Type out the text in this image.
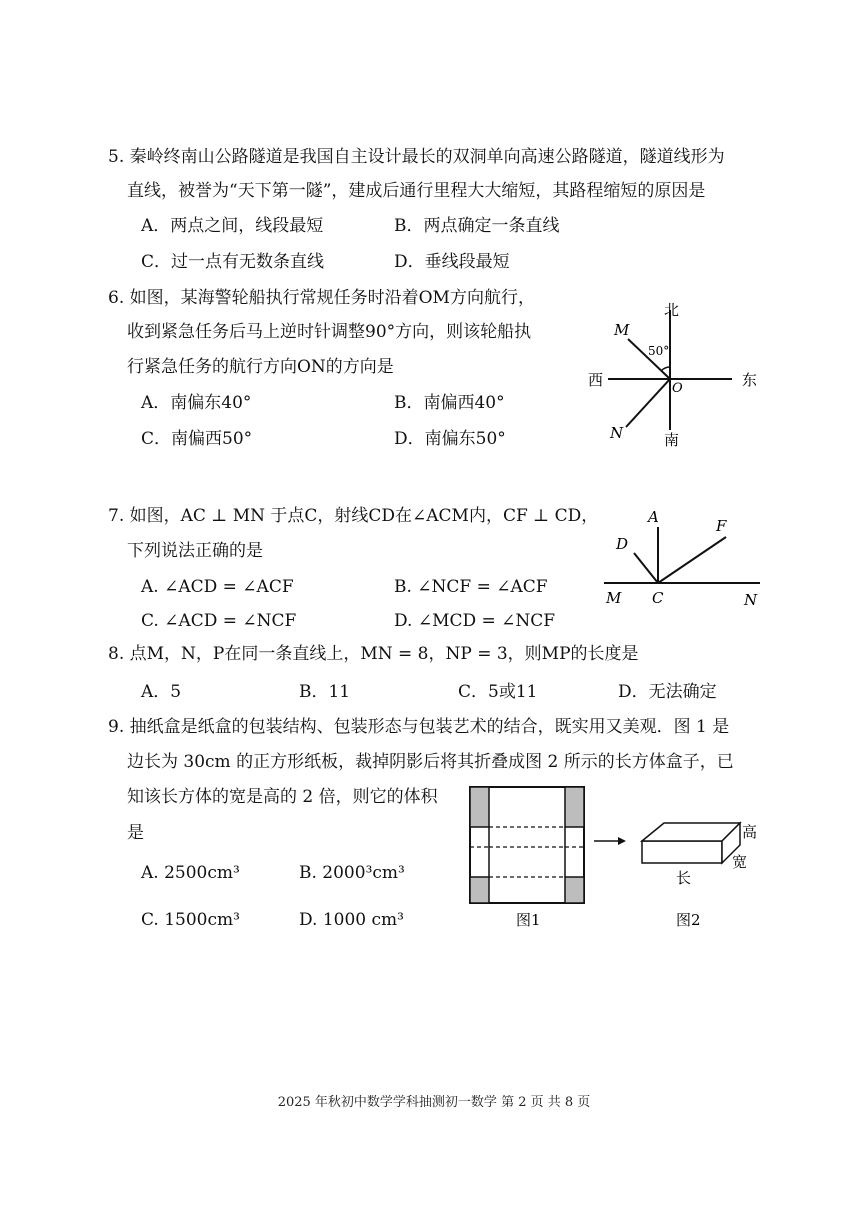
5. 秦岭终南山公路隧道是我国自主设计最长的双洞单向高速公路隧道，隧道线形为
直线，被誉为“天下第一隧”，建成后通行里程大大缩短，其路程缩短的原因是
A．两点之间，线段最短	B．两点确定一条直线
C．过一点有无数条直线	D．垂线段最短
6. 如图，某海警轮船执行常规任务时沿着OM方向航行，
收到紧急任务后马上逆时针调整90°方向，则该轮船执
行紧急任务的航行方向ON的方向是
A．南偏东40°	B．南偏西40°
C．南偏西50°	D．南偏东50°
北
南
东
西	O
M
N
50°
7. 如图，AC ⊥ MN 于点C，射线CD在∠ACM内，CF ⊥ CD，
下列说法正确的是
A. ∠ACD = ∠ACF	B. ∠NCF = ∠ACF
C. ∠ACD = ∠NCF	D. ∠MCD = ∠NCF
A
D
F
C
M	N
8. 点M，N，P在同一条直线上，MN = 8，NP = 3，则MP的长度是
A．5	B．11	C．5或11	D．无法确定
9. 抽纸盒是纸盒的包装结构、包装形态与包装艺术的结合，既实用又美观．图 1 是
边长为 30cm 的正方形纸板，裁掉阴影后将其折叠成图 2 所示的长方体盒子，已
知该长方体的宽是高的 2 倍，则它的体积
是
A. 2500cm³	B. 2000³cm³
C. 1500cm³	D. 1000 cm³
高
宽
长
图1	图2
2025 年秋初中数学学科抽测初一数学 第 2 页 共 8 页
